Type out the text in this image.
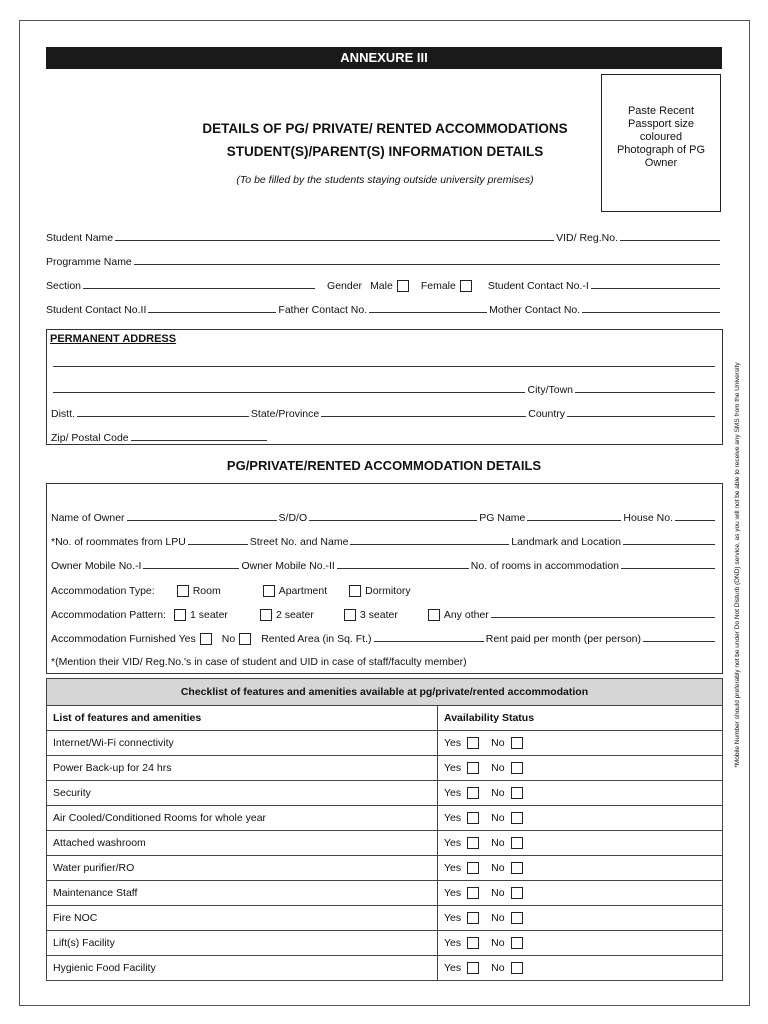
ANNEXURE III
Paste Recent
Passport size
coloured
Photograph of PG
Owner
DETAILS OF PG/ PRIVATE/ RENTED ACCOMMODATIONS
STUDENT(S)/PARENT(S) INFORMATION DETAILS
(To be filled by the students staying outside university premises)
Student Name	VID/ Reg.No.
Programme Name
Section	Gender Male	Female	Student Contact No.-I
Student Contact No.II	Father Contact No.	Mother Contact No.
PERMANENT ADDRESS
City/Town
Distt.	State/Province	Country
Zip/ Postal Code
PG/PRIVATE/RENTED ACCOMMODATION DETAILS
Name of Owner	S/D/O	PG Name	House No.
*No. of roommates from LPU	Street No. and Name	Landmark and Location
Owner Mobile No.-I	Owner Mobile No.-II	No. of rooms in accommodation
Accommodation Type:	Room	Apartment	Dormitory
Accommodation Pattern: 1 seater	2 seater	3 seater	Any other
Accommodation Furnished Yes No Rented Area (in Sq. Ft.)	Rent paid per month (per person)
*(Mention their VID/ Reg.No.'s in case of student and UID in case of staff/faculty member)
Checklist of features and amenities available at pg/private/rented accommodation	
List of features and amenities	Availability Status
Internet/Wi-Fi connectivity	Yes No

Power Back-up for 24 hrs	Yes No

Security	Yes No

Air Cooled/Conditioned Rooms for whole year	Yes No

Attached washroom	Yes No

Water purifier/RO	Yes No

Maintenance Staff	Yes No

Fire NOC	Yes No

Lift(s) Facility	Yes No

Hygienic Food Facility	Yes No
*Mobile Number should preferably not be under Do Not Disturb (DND) service, as you will not be able to receive any SMS from the University
